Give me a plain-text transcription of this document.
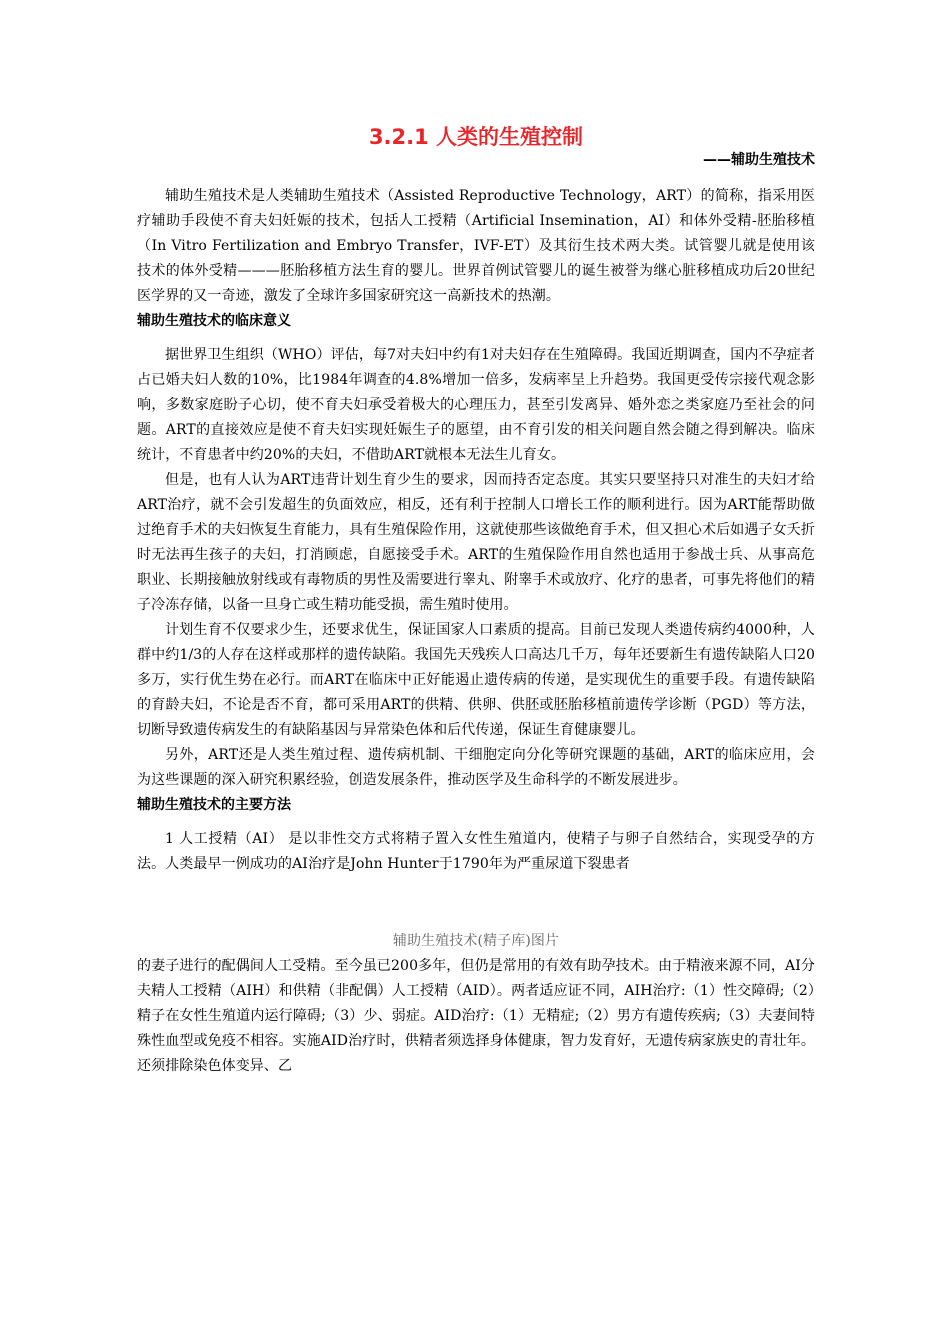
3.2.1 人类的生殖控制
——辅助生殖技术

辅助生殖技术是人类辅助生殖技术（Assisted Reproductive Technology，ART）的简称，指采用医疗辅助手段使不育夫妇妊娠的技术，包括人工授精（Artificial Insemination，AI）和体外受精-胚胎移植（In Vitro Fertilization and Embryo Transfer，IVF-ET）及其衍生技术两大类。试管婴儿就是使用该技术的体外受精———胚胎移植方法生育的婴儿。世界首例试管婴儿的诞生被誉为继心脏移植成功后20世纪医学界的又一奇迹，激发了全球许多国家研究这一高新技术的热潮。

辅助生殖技术的临床意义

据世界卫生组织（WHO）评估，每7对夫妇中约有1对夫妇存在生殖障碍。我国近期调查，国内不孕症者占已婚夫妇人数的10%，比1984年调查的4.8%增加一倍多，发病率呈上升趋势。我国更受传宗接代观念影响，多数家庭盼子心切，使不育夫妇承受着极大的心理压力，甚至引发离异、婚外恋之类家庭乃至社会的问题。ART的直接效应是使不育夫妇实现妊娠生子的愿望，由不育引发的相关问题自然会随之得到解决。临床统计，不育患者中约20%的夫妇，不借助ART就根本无法生儿育女。

但是，也有人认为ART违背计划生育少生的要求，因而持否定态度。其实只要坚持只对准生的夫妇才给ART治疗，就不会引发超生的负面效应，相反，还有利于控制人口增长工作的顺利进行。因为ART能帮助做过绝育手术的夫妇恢复生育能力，具有生殖保险作用，这就使那些该做绝育手术，但又担心术后如遇子女夭折时无法再生孩子的夫妇，打消顾虑，自愿接受手术。ART的生殖保险作用自然也适用于参战士兵、从事高危职业、长期接触放射线或有毒物质的男性及需要进行睾丸、附睾手术或放疗、化疗的患者，可事先将他们的精子冷冻存储，以备一旦身亡或生精功能受损，需生殖时使用。

计划生育不仅要求少生，还要求优生，保证国家人口素质的提高。目前已发现人类遗传病约4000种，人群中约1/3的人存在这样或那样的遗传缺陷。我国先天残疾人口高达几千万，每年还要新生有遗传缺陷人口20多万，实行优生势在必行。而ART在临床中正好能遏止遗传病的传递，是实现优生的重要手段。有遗传缺陷的育龄夫妇，不论是否不育，都可采用ART的供精、供卵、供胚或胚胎移植前遗传学诊断（PGD）等方法，切断导致遗传病发生的有缺陷基因与异常染色体和后代传递，保证生育健康婴儿。

另外，ART还是人类生殖过程、遗传病机制、干细胞定向分化等研究课题的基础，ART的临床应用，会为这些课题的深入研究积累经验，创造发展条件，推动医学及生命科学的不断发展进步。

辅助生殖技术的主要方法

1 人工授精（AI） 是以非性交方式将精子置入女性生殖道内，使精子与卵子自然结合，实现受孕的方法。人类最早一例成功的AI治疗是John Hunter于1790年为严重尿道下裂患者

辅助生殖技术(精子库)图片

的妻子进行的配偶间人工受精。至今虽已200多年，但仍是常用的有效有助孕技术。由于精液来源不同，AI分夫精人工授精（AIH）和供精（非配偶）人工授精（AID）。两者适应证不同，AIH治疗:（1）性交障碍;（2）精子在女性生殖道内运行障碍;（3）少、弱症。AID治疗:（1）无精症;（2）男方有遗传疾病;（3）夫妻间特殊性血型或免疫不相容。实施AID治疗时，供精者须选择身体健康，智力发育好，无遗传病家族史的青壮年。还须排除染色体变异、乙
